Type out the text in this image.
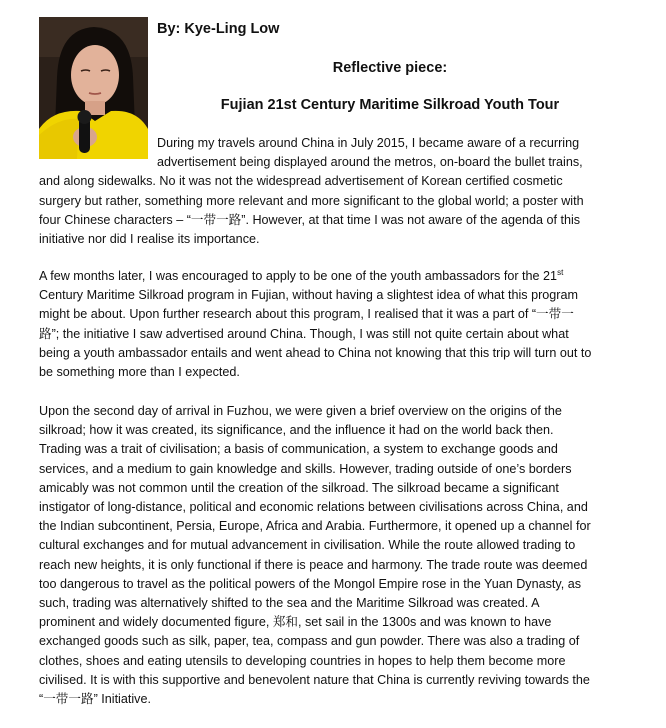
By: Kye-Ling Low
Reflective piece:
Fujian 21st Century Maritime Silkroad Youth Tour
During my travels around China in July 2015, I became aware of a recurring
advertisement being displayed around the metros, on-board the bullet trains,
and along sidewalks. No it was not the widespread advertisement of Korean certified cosmetic
surgery but rather, something more relevant and more significant to the global world; a poster with
four Chinese characters – “一带一路”. However, at that time I was not aware of the agenda of this
initiative nor did I realise its importance.
A few months later, I was encouraged to apply to be one of the youth ambassadors for the 21st
Century Maritime Silkroad program in Fujian, without having a slightest idea of what this program
might be about. Upon further research about this program, I realised that it was a part of “一带一
路”; the initiative I saw advertised around China. Though, I was still not quite certain about what
being a youth ambassador entails and went ahead to China not knowing that this trip will turn out to
be something more than I expected.
Upon the second day of arrival in Fuzhou, we were given a brief overview on the origins of the
silkroad; how it was created, its significance, and the influence it had on the world back then.
Trading was a trait of civilisation; a basis of communication, a system to exchange goods and
services, and a medium to gain knowledge and skills. However, trading outside of one’s borders
amicably was not common until the creation of the silkroad. The silkroad became a significant
instigator of long-distance, political and economic relations between civilisations across China, and
the Indian subcontinent, Persia, Europe, Africa and Arabia. Furthermore, it opened up a channel for
cultural exchanges and for mutual advancement in civilisation. While the route allowed trading to
reach new heights, it is only functional if there is peace and harmony. The trade route was deemed
too dangerous to travel as the political powers of the Mongol Empire rose in the Yuan Dynasty, as
such, trading was alternatively shifted to the sea and the Maritime Silkroad was created. A
prominent and widely documented figure, 郑和, set sail in the 1300s and was known to have
exchanged goods such as silk, paper, tea, compass and gun powder. There was also a trading of
clothes, shoes and eating utensils to developing countries in hopes to help them become more
civilised. It is with this supportive and benevolent nature that China is currently reviving towards the
“一带一路” Initiative.
